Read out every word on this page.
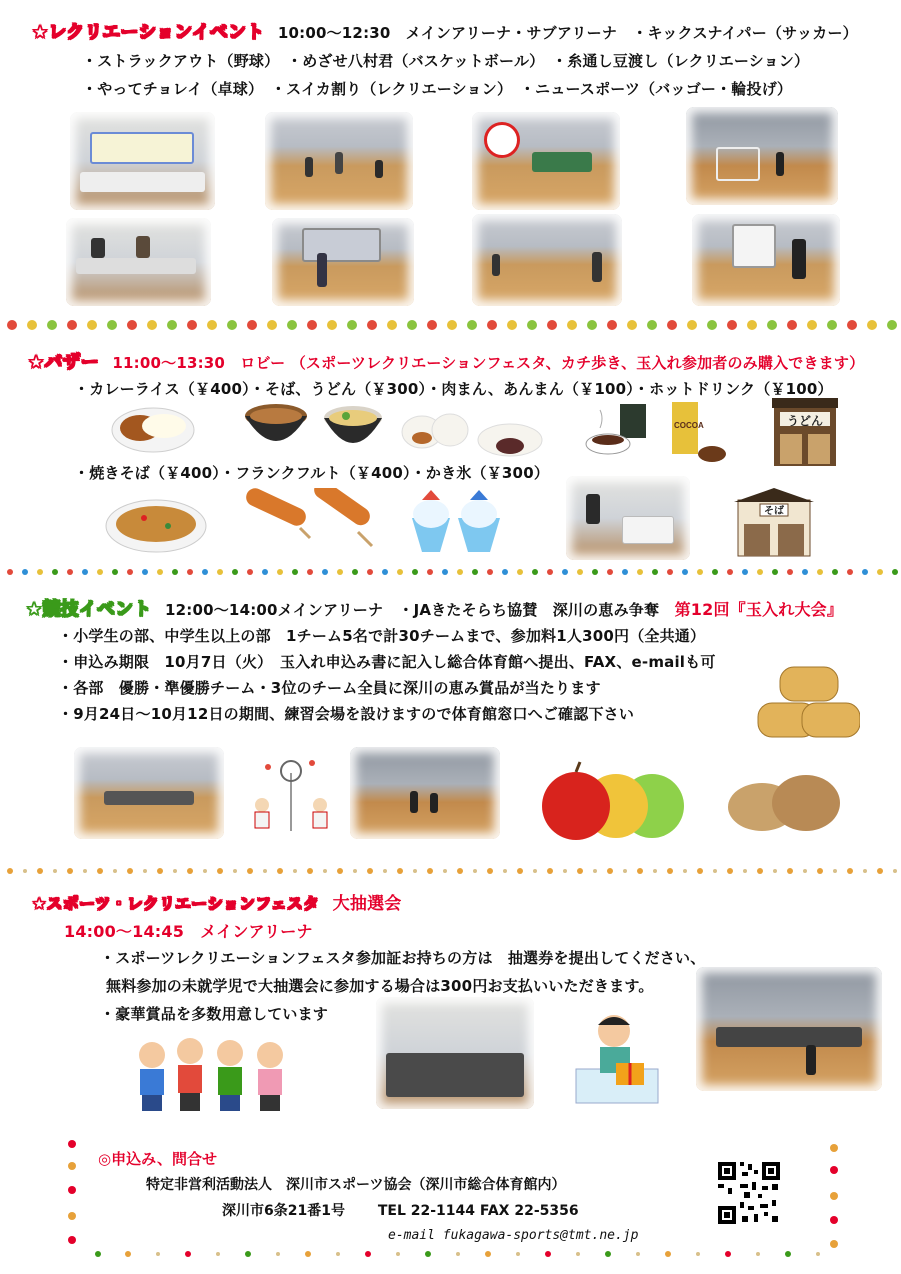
★レクリエーションイベント 10:00～12:30　メインアリーナ・サブアリーナ　・キックスナイパー（サッカー）
・ストラックアウト（野球）　・めざせ八村君（バスケットボール）　・糸通し豆渡し（レクリエーション）
・やってチョレイ（卓球）　・スイカ割り（レクリエーション）　・ニュースポーツ（バッゴー・輪投げ）
★バザー 11:00～13:30　ロビー （スポーツレクリエーションフェスタ、カチ歩き、玉入れ参加者のみ購入できます）
・カレーライス（￥400）・そば、うどん（￥300）・肉まん、あんまん（￥100）・ホットドリンク（￥100）
COCOA	うどん
・焼きそば（￥400）・フランクフルト（￥400）・かき氷（￥300）
そば
★競技イベント 12:00～14:00メインアリーナ　・JAきたそらち協賛　深川の恵み争奪 第12回『玉入れ大会』
・小学生の部、中学生以上の部　1チーム5名で計30チームまで、参加料1人300円（全共通）
・申込み期限　10月7日（火）　玉入れ申込み書に記入し総合体育館へ提出、FAX、e-mailも可
・各部　優勝・準優勝チーム・3位のチーム全員に深川の恵み賞品が当たります
・9月24日～10月12日の期間、練習会場を設けますので体育館窓口へご確認下さい
★スポーツ・レクリエーションフェスタ 大抽選会
14:00～14:45　メインアリーナ
・スポーツレクリエーションフェスタ参加証お持ちの方は　抽選券を提出してください、
無料参加の未就学児で大抽選会に参加する場合は300円お支払いいただきます。
・豪華賞品を多数用意しています
◎申込み、問合せ
特定非営利活動法人　深川市スポーツ協会（深川市総合体育館内）
深川市6条21番1号 TEL 22-1144 FAX 22-5356
e-mail fukagawa-sports@tmt.ne.jp
